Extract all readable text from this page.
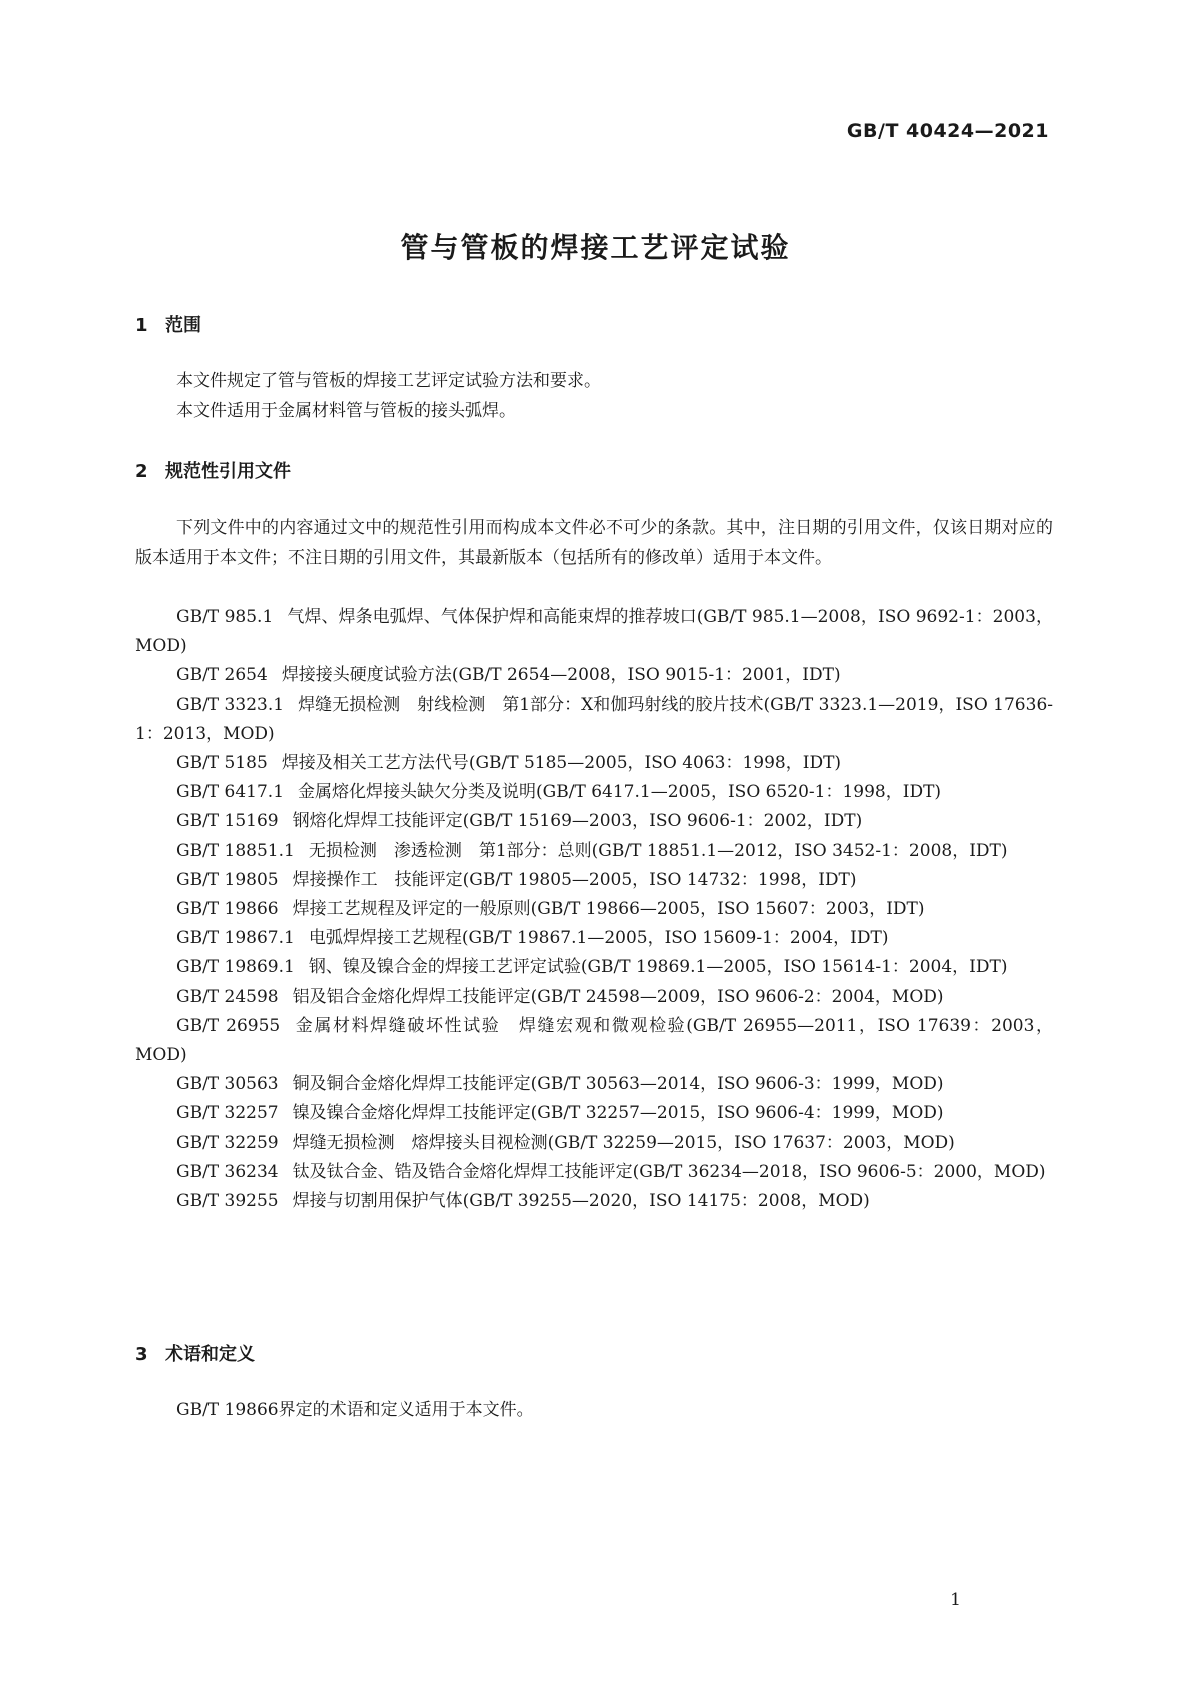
GB/T 40424—2021
管与管板的焊接工艺评定试验
1 范围

本文件规定了管与管板的焊接工艺评定试验方法和要求。

本文件适用于金属材料管与管板的接头弧焊。

2 规范性引用文件

下列文件中的内容通过文中的规范性引用而构成本文件必不可少的条款。其中，注日期的引用文件，仅该日期对应的版本适用于本文件；不注日期的引用文件，其最新版本（包括所有的修改单）适用于本文件。

GB/T 985.1 气焊、焊条电弧焊、气体保护焊和高能束焊的推荐坡口(GB/T 985.1—2008，ISO 9692-1：2003，MOD)

GB/T 2654 焊接接头硬度试验方法(GB/T 2654—2008，ISO 9015-1：2001，IDT)

GB/T 3323.1 焊缝无损检测　射线检测　第1部分：X和伽玛射线的胶片技术(GB/T 3323.1—2019，ISO 17636-1：2013，MOD)

GB/T 5185 焊接及相关工艺方法代号(GB/T 5185—2005，ISO 4063：1998，IDT)

GB/T 6417.1 金属熔化焊接头缺欠分类及说明(GB/T 6417.1—2005，ISO 6520-1：1998，IDT)

GB/T 15169 钢熔化焊焊工技能评定(GB/T 15169—2003，ISO 9606-1：2002，IDT)

GB/T 18851.1 无损检测　渗透检测　第1部分：总则(GB/T 18851.1—2012，ISO 3452-1：2008，IDT)

GB/T 19805 焊接操作工　技能评定(GB/T 19805—2005，ISO 14732：1998，IDT)

GB/T 19866 焊接工艺规程及评定的一般原则(GB/T 19866—2005，ISO 15607：2003，IDT)

GB/T 19867.1 电弧焊焊接工艺规程(GB/T 19867.1—2005，ISO 15609-1：2004，IDT)

GB/T 19869.1 钢、镍及镍合金的焊接工艺评定试验(GB/T 19869.1—2005，ISO 15614-1：2004，IDT)

GB/T 24598 铝及铝合金熔化焊焊工技能评定(GB/T 24598—2009，ISO 9606-2：2004，MOD)

GB/T 26955 金属材料焊缝破坏性试验　焊缝宏观和微观检验(GB/T 26955—2011，ISO 17639：2003，MOD)

GB/T 30563 铜及铜合金熔化焊焊工技能评定(GB/T 30563—2014，ISO 9606-3：1999，MOD)

GB/T 32257 镍及镍合金熔化焊焊工技能评定(GB/T 32257—2015，ISO 9606-4：1999，MOD)

GB/T 32259 焊缝无损检测　熔焊接头目视检测(GB/T 32259—2015，ISO 17637：2003，MOD)

GB/T 36234 钛及钛合金、锆及锆合金熔化焊焊工技能评定(GB/T 36234—2018，ISO 9606-5：2000，MOD)

GB/T 39255 焊接与切割用保护气体(GB/T 39255—2020，ISO 14175：2008，MOD)

3 术语和定义

GB/T 19866界定的术语和定义适用于本文件。

1
